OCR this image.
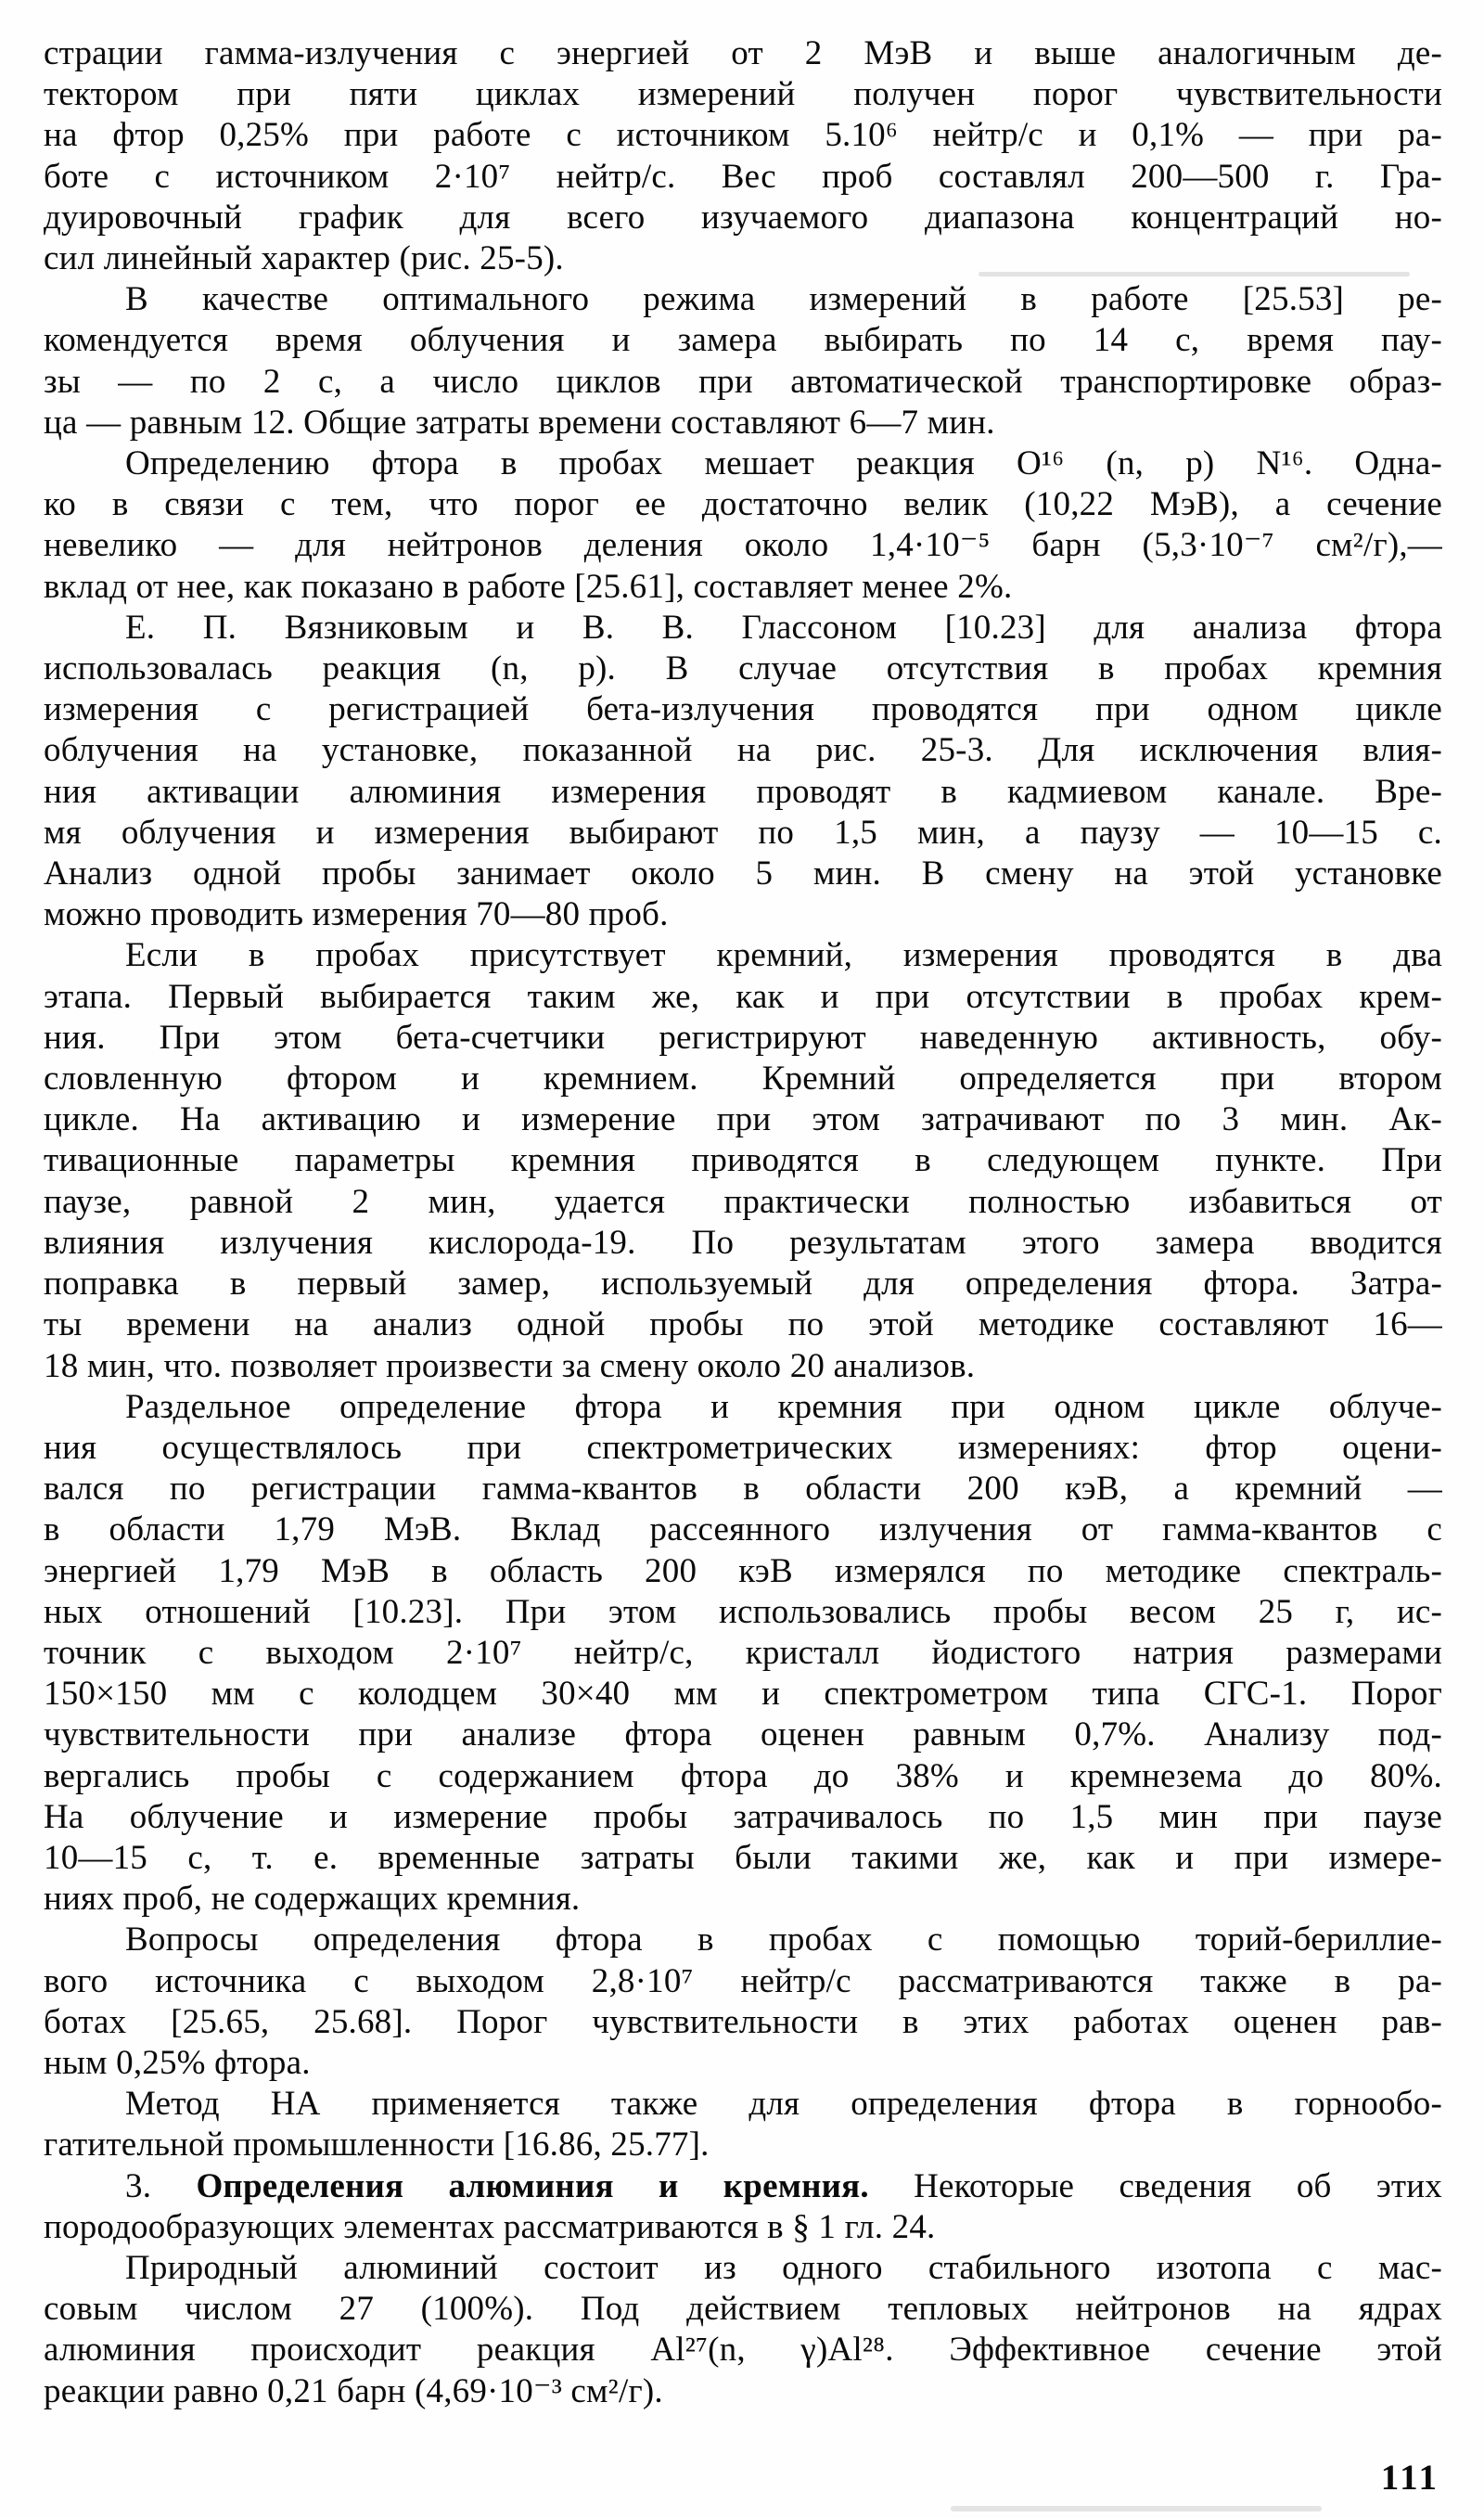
страции гамма-излучения с энергией от 2 МэВ и выше аналогичным де-
тектором при пяти циклах измерений получен порог чувствительности
на фтор 0,25% при работе с источником 5.10⁶ нейтр/с и 0,1% — при ра-
боте с источником 2·10⁷ нейтр/с. Вес проб составлял 200—500 г. Гра-
дуировочный график для всего изучаемого диапазона концентраций но-
сил линейный характер (рис. 25-5).
В качестве оптимального режима измерений в работе [25.53] ре-
комендуется время облучения и замера выбирать по 14 с, время пау-
зы — по 2 с, а число циклов при автоматической транспортировке образ-
ца — равным 12. Общие затраты времени составляют 6—7 мин.
Определению фтора в пробах мешает реакция O¹⁶ (n, p) N¹⁶. Одна-
ко в связи с тем, что порог ее достаточно велик (10,22 МэВ), а сечение
невелико — для нейтронов деления около 1,4·10⁻⁵ барн (5,3·10⁻⁷ см²/г),—
вклад от нее, как показано в работе [25.61], составляет менее 2%.
Е. П. Вязниковым и В. В. Глассоном [10.23] для анализа фтора
использовалась реакция (n, p). В случае отсутствия в пробах кремния
измерения с регистрацией бета-излучения проводятся при одном цикле
облучения на установке, показанной на рис. 25-3. Для исключения влия-
ния активации алюминия измерения проводят в кадмиевом канале. Вре-
мя облучения и измерения выбирают по 1,5 мин, а паузу — 10—15 с.
Анализ одной пробы занимает около 5 мин. В смену на этой установке
можно проводить измерения 70—80 проб.
Если в пробах присутствует кремний, измерения проводятся в два
этапа. Первый выбирается таким же, как и при отсутствии в пробах крем-
ния. При этом бета-счетчики регистрируют наведенную активность, обу-
словленную фтором и кремнием. Кремний определяется при втором
цикле. На активацию и измерение при этом затрачивают по 3 мин. Ак-
тивационные параметры кремния приводятся в следующем пункте. При
паузе, равной 2 мин, удается практически полностью избавиться от
влияния излучения кислорода-19. По результатам этого замера вводится
поправка в первый замер, используемый для определения фтора. Затра-
ты времени на анализ одной пробы по этой методике составляют 16—
18 мин, что. позволяет произвести за смену около 20 анализов.
Раздельное определение фтора и кремния при одном цикле облуче-
ния осуществлялось при спектрометрических измерениях: фтор оцени-
вался по регистрации гамма-квантов в области 200 кэВ, а кремний —
в области 1,79 МэВ. Вклад рассеянного излучения от гамма-квантов с
энергией 1,79 МэВ в область 200 кэВ измерялся по методике спектраль-
ных отношений [10.23]. При этом использовались пробы весом 25 г, ис-
точник с выходом 2·10⁷ нейтр/с, кристалл йодистого натрия размерами
150×150 мм с колодцем 30×40 мм и спектрометром типа СГС-1. Порог
чувствительности при анализе фтора оценен равным 0,7%. Анализу под-
вергались пробы с содержанием фтора до 38% и кремнезема до 80%.
На облучение и измерение пробы затрачивалось по 1,5 мин при паузе
10—15 с, т. е. временные затраты были такими же, как и при измере-
ниях проб, не содержащих кремния.
Вопросы определения фтора в пробах с помощью торий-бериллие-
вого источника с выходом 2,8·10⁷ нейтр/с рассматриваются также в ра-
ботах [25.65, 25.68]. Порог чувствительности в этих работах оценен рав-
ным 0,25% фтора.
Метод НА применяется также для определения фтора в горнообо-
гатительной промышленности [16.86, 25.77].
3. Определения алюминия и кремния. Некоторые сведения об этих
породообразующих элементах рассматриваются в § 1 гл. 24.
Природный алюминий состоит из одного стабильного изотопа с мас-
совым числом 27 (100%). Под действием тепловых нейтронов на ядрах
алюминия происходит реакция Al²⁷(n, γ)Al²⁸. Эффективное сечение этой
реакции равно 0,21 барн (4,69·10⁻³ см²/г).
111
